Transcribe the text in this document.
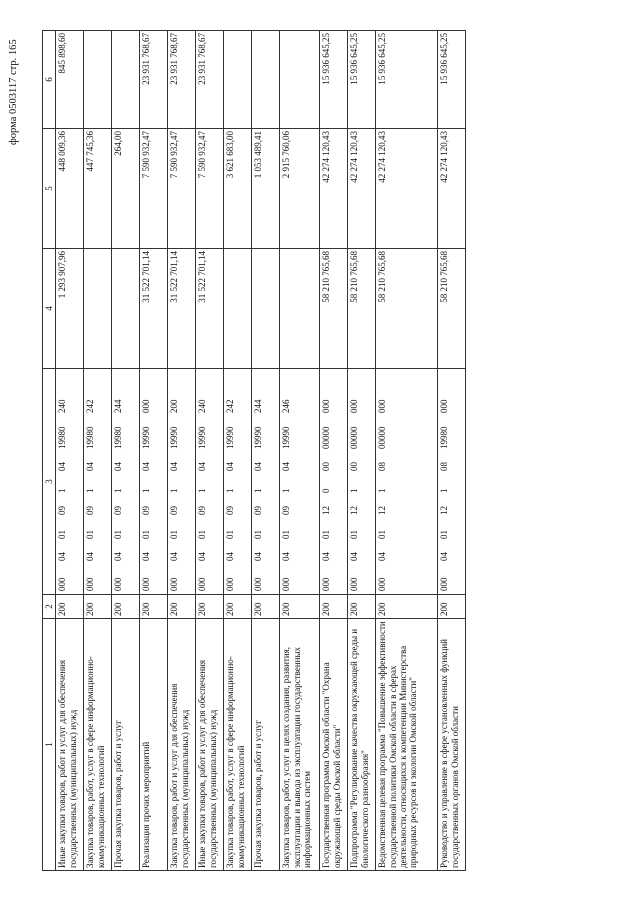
форма 0503117 стр. 165
1	2	3	4	5	6
Иные закупки товаров, работ и услуг для обеспечения государственных (муниципальных) нужд	200	00004010910419980240	1 293 907,96	448 009,36	845 898,60
Закупка товаров, работ, услуг в сфере информационно-коммуникационных технологий	200	00004010910419980242		447 745,36	
Прочая закупка товаров, работ и услуг	200	00004010910419980244		264,00	
Реализация прочих мероприятий	200	00004010910419990000	31 522 701,14	7 590 932,47	23 931 768,67
Закупка товаров, работ и услуг для обеспечения государственных (муниципальных) нужд	200	00004010910419990200	31 522 701,14	7 590 932,47	23 931 768,67
Иные закупки товаров, работ и услуг для обеспечения государственных (муниципальных) нужд	200	00004010910419990240	31 522 701,14	7 590 932,47	23 931 768,67
Закупка товаров, работ, услуг в сфере информационно-коммуникационных технологий	200	00004010910419990242		3 621 683,00	
Прочая закупка товаров, работ и услуг	200	00004010910419990244		1 053 489,41	
Закупка товаров, работ, услуг в целях создания, развития, эксплуатации и вывода из эксплуатации государственных информационных систем	200	00004010910419990246		2 915 760,06	
Государственная программа Омской области "Охрана окружающей среды Омской области"	200	00004011200000000000	58 210 765,68	42 274 120,43	15 936 645,25
Подпрограмма "Регулирование качества окружающей среды и биологического разнообразия"	200	00004011210000000000	58 210 765,68	42 274 120,43	15 936 645,25
Ведомственная целевая программа "Повышение эффективности государственной политики Омской области в сферах деятельности, относящихся к компетенции Министерства природных ресурсов и экологии Омской области"	200	00004011210800000000	58 210 765,68	42 274 120,43	15 936 645,25
Руководство и управление в сфере установленных функций государственных органов Омской области	200	00004011210819980000	58 210 765,68	42 274 120,43	15 936 645,25
